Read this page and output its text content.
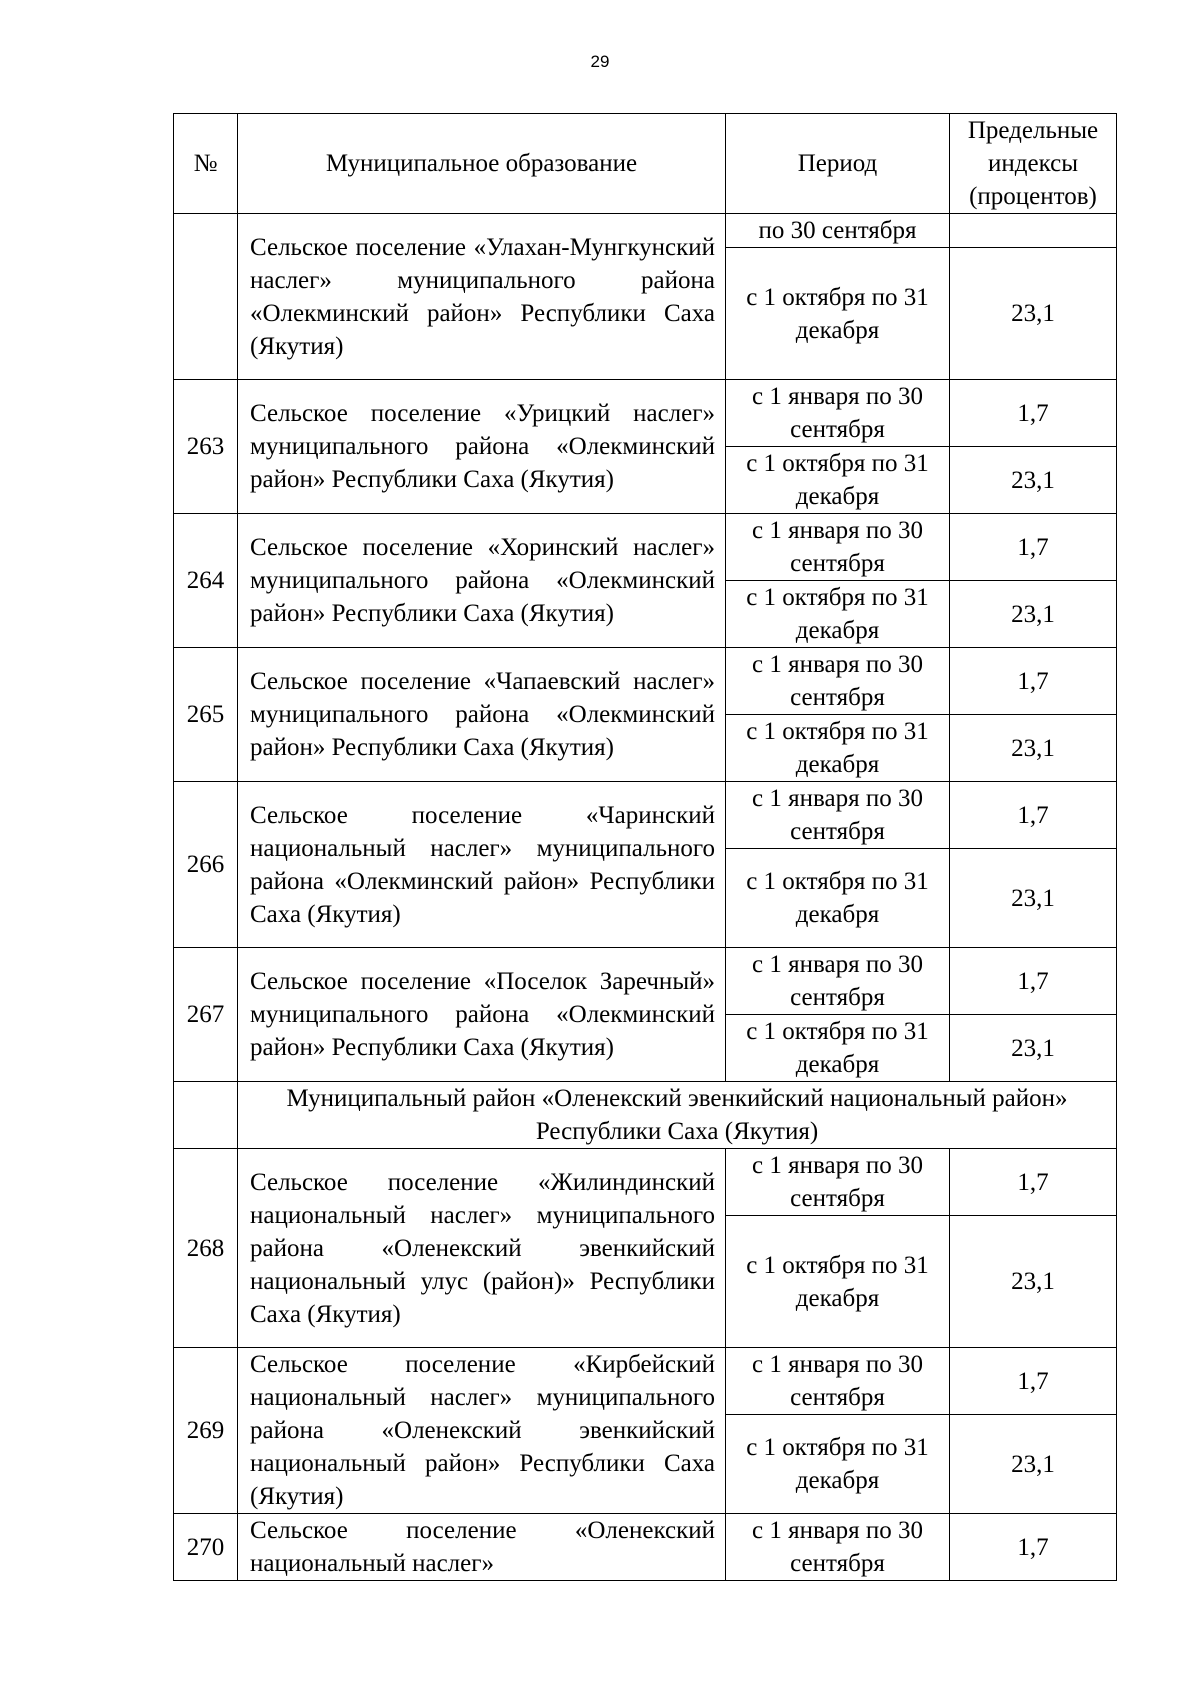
29
№	Муниципальное образование	Период	Предельные индексы (процентов)
	Сельское поселение «Улахан-Мунгкунский наслег» муниципального района «Олекминский район» Республики Саха (Якутия)	по 30 сентября	
		с 1 октября по 31 декабря	23,1
263	Сельское поселение «Урицкий наслег» муниципального района «Олекминский район» Республики Саха (Якутия)	с 1 января по 30 сентября	1,7
		с 1 октября по 31 декабря	23,1
264	Сельское поселение «Хоринский наслег» муниципального района «Олекминский район» Республики Саха (Якутия)	с 1 января по 30 сентября	1,7
		с 1 октября по 31 декабря	23,1
265	Сельское поселение «Чапаевский наслег» муниципального района «Олекминский район» Республики Саха (Якутия)	с 1 января по 30 сентября	1,7
		с 1 октября по 31 декабря	23,1
266	Сельское поселение «Чаринский национальный наслег» муниципального района «Олекминский район» Республики Саха (Якутия)	с 1 января по 30 сентября	1,7
		с 1 октября по 31 декабря	23,1
267	Сельское поселение «Поселок Заречный» муниципального района «Олекминский район» Республики Саха (Якутия)	с 1 января по 30 сентября	1,7
		с 1 октября по 31 декабря	23,1
	Муниципальный район «Оленекский эвенкийский национальный район» Республики Саха (Якутия)		
268	Сельское поселение «Жилиндинский национальный наслег» муниципального района «Оленекский эвенкийский национальный улус (район)» Республики Саха (Якутия)	с 1 января по 30 сентября	1,7
		с 1 октября по 31 декабря	23,1
269	Сельское поселение «Кирбейский национальный наслег» муниципального района «Оленекский эвенкийский национальный район» Республики Саха (Якутия)	с 1 января по 30 сентября	1,7
		с 1 октября по 31 декабря	23,1
270	Сельское поселение «Оленекский национальный наслег»	с 1 января по 30 сентября	1,7
